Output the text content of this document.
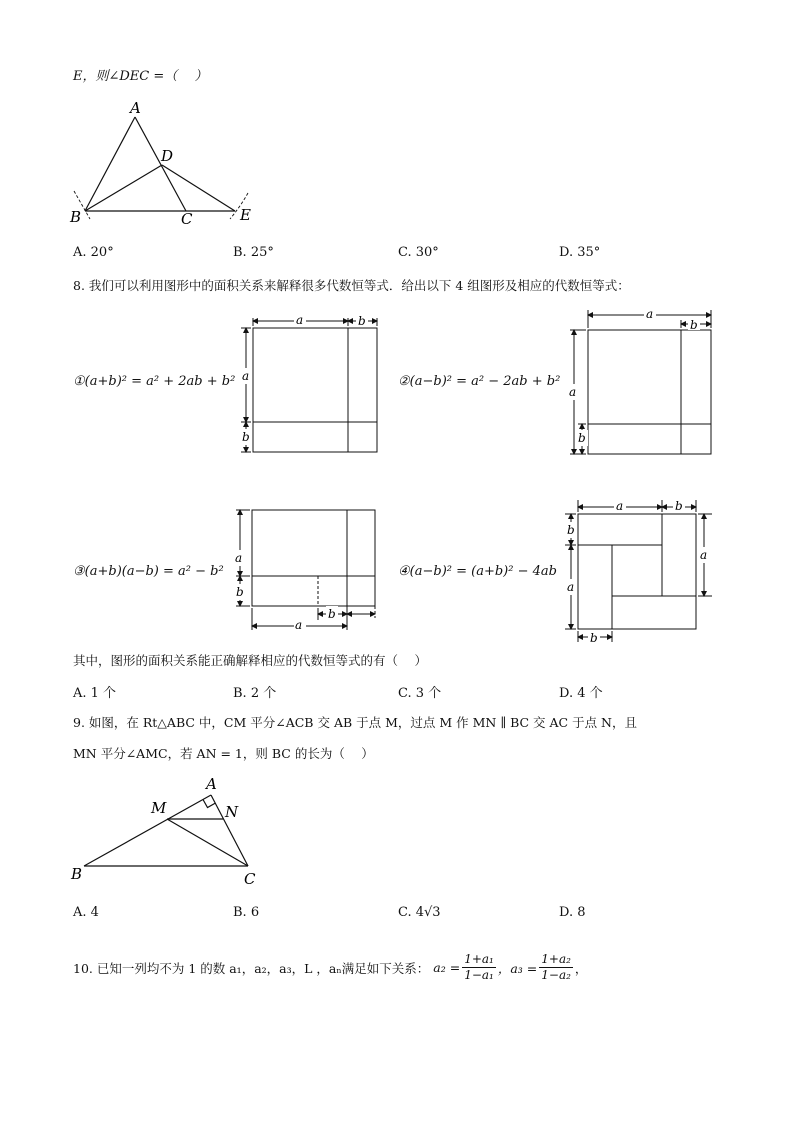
E，则∠DEC =（　 ）
A
D
B	C	E
A. 20°	B. 25°	C. 30°	D. 35°
8. 我们可以利用图形中的面积关系来解释很多代数恒等式．给出以下 4 组图形及相应的代数恒等式：
①(a+b)² = a² + 2ab + b²
a	b
a
b
②(a−b)² = a² − 2ab + b²
a
b
a
b
③(a+b)(a−b) = a² − b²
a
b
a
b
④(a−b)² = (a+b)² − 4ab
a	b
b
a
a
b
其中，图形的面积关系能正确解释相应的代数恒等式的有（　 ）
A. 1 个	B. 2 个	C. 3 个	D. 4 个
9. 如图，在 Rt△ABC 中，CM 平分∠ACB 交 AB 于点 M，过点 M 作 MN ∥ BC 交 AC 于点 N，且
MN 平分∠AMC，若 AN = 1，则 BC 的长为（　 ）
A
M	N
B	C
A. 4	B. 6	C. 4√3	D. 8
10. 已知一列均不为 1 的数 a₁，a₂，a₃，L ，aₙ满足如下关系： $a_2 = \frac{\text{1+a₁}}{\text{1−a₁}}$ ，$a_3 = \frac{\text{1+a₂}}{\text{1−a₂}}$ ，
